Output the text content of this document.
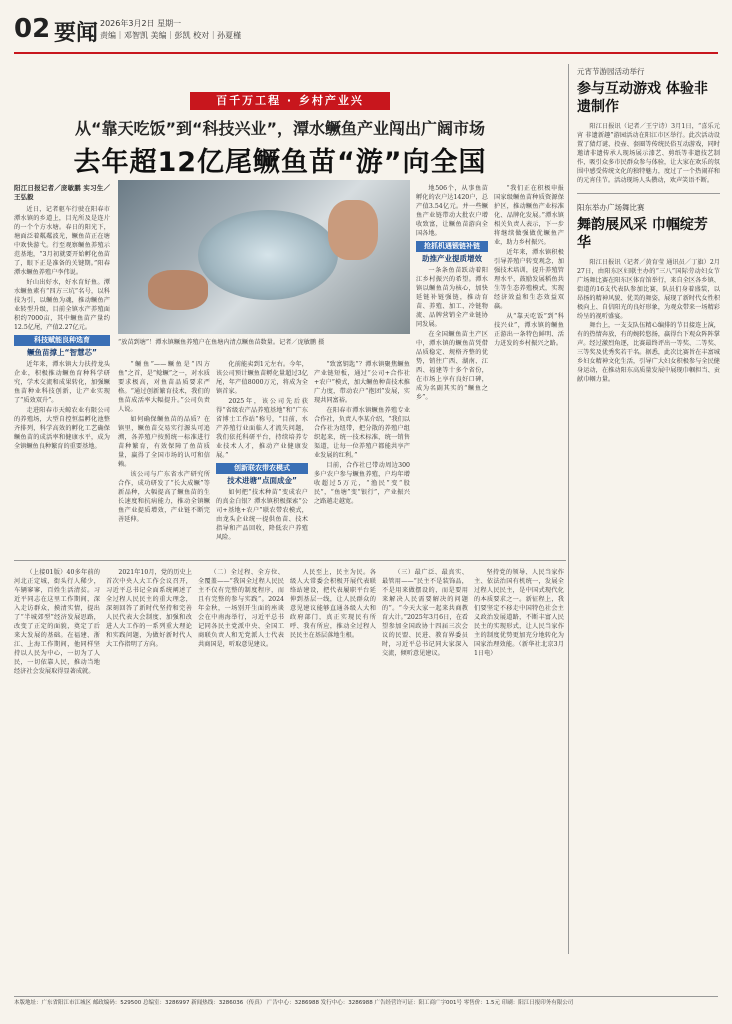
02 要闻 2026年3月2日 星期一
责编｜邓智凯 美编｜彭凯 校对｜孙夏槿
百千万工程 · 乡村产业兴
从“靠天吃饭”到“科技兴业”，潭水鳜鱼产业闯出广阔市场
去年超12亿尾鳜鱼苗“游”向全国
阳江日报记者／庞敏鹏 实习生／王弘毅

近日，记者驱车行驶在阳春市潭水镇的乡道上，目光所及是连片的一个个方水塘。春日的阳光下，塘面泛着粼粼波光，鳜鱼苗正在塘中欢快游弋。行至观察鳜鱼养殖示范基地，“3月初就要开始孵化鱼苗了，眼下正是准备的关键期。”阳春潭水鳜鱼养殖户李伟说。

好山出好水，好水育好鱼。潭水鳜鱼素有“四方三坑”名号，以科技为引，以鳜鱼为魂，推动鳜鱼产业转型升级，目前全镇水产养殖面积约7000亩，其中鳜鱼苗产量约12.5亿尾，产值2.27亿元。

科技赋能良种选育
鳜鱼苗撑上“智慧芯”

近年来，潭水镇大力扶持龙头企业，积极推动鳜鱼育种科学研究，学术交流和成果转化，加强鳜鱼苗种业科技创新，让产业实现了“质效双升”。

走进阳春市天鲸农业有限公司的养殖场，大型自控恒温孵化池整齐排列，科学高效的孵化工艺确保鳜鱼苗的成活率和健康水平，成为全镇鳜鱼良种繁育的重要基地。

“放苗到塘”！潭水镇鳜鱼养殖户在鱼塘内清点鳜鱼苗数量。记者／庞敏鹏 摄

“鳜鱼”——鳜鱼是“四方鱼”之首，是“鲶鳜”之一，对水质要求极高，对鱼苗品质要求严格。“通过创新繁育技术，我们的鱼苗成活率大幅提升。”公司负责人说。

如何确保鳜鱼苗的品质？在镇里，鳜鱼苗交易实行源头可追溯，各养殖户按照统一标准进行苗种繁育，有效保障了鱼苗质量，赢得了全国市场的认可和信赖。

该公司与广东省水产研究所合作，成功研发了“长大成鳜”等新品种，大幅提高了鳜鱼苗的生长速度和抗病能力，推动全镇鳜鱼产业提质增效，产业链不断完善延伸。

化前能卖到1元左右。今年，该公司预计鳜鱼苗孵化量超过3亿尾，年产值8000万元，将成为全镇首家。

2025年，该公司先后获得“省级农产品养殖基地”和“广东省博士工作站”称号，“目前，水产养殖行业面临人才流失问题，我们依托科研平台，持续培养专业技术人才，推动产业健康发展。”

创新联农带农模式
技术进塘“点面成金”

如何把“技术种苗”变成农户的真金白银？潭水镇积极探索“公司+基地+农户”联农带农模式，由龙头企业统一提供鱼苗、技术指导和产品回收，降低农户养殖风险。

“致富钥匙”？潭水镇聚焦鳜鱼产业链短板，通过“公司+合作社+农户”模式，加大鳜鱼种苗技术推广力度，带动农户“抱团”发展，实现共同富裕。

在阳春市潭水镇鳜鱼养殖专业合作社，负责人李某介绍，“我们以合作社为纽带，把分散的养殖户组织起来，统一技术标准，统一销售渠道，让每一位养殖户都能共享产业发展的红利。”

目前，合作社已带动周边300多户农户参与鳜鱼养殖，户均年增收超过5万元，“渔民”变“股民”，“鱼塘”变“银行”，产业振兴之路越走越宽。

地506个，从事鱼苗孵化的农户达1420户，总产值3.54亿元。并一些鳜鱼产业链带动大批农户增收致富，让鳜鱼苗游向全国各地。

抢抓机遇锻链补链
助推产业提质增效

一条条鱼苗跃动着阳江乡村振兴的希望。潭水镇以鳜鱼苗为核心，加快延链补链强链，推动育苗、养殖、加工、冷链物流、品牌营销全产业链协同发展。

在全国鳜鱼苗主产区中，潭水镇的鳜鱼苗凭借品质稳定、规格齐整的优势，销往广西、湖南、江西、福建等十多个省份，在市场上享有良好口碑，成为名副其实的“鳜鱼之乡”。

“我们正在积极申报国家级鳜鱼苗种质资源保护区，推动鳜鱼产业标准化、品牌化发展。”潭水镇相关负责人表示，下一步将继续做强做优鳜鱼产业，助力乡村振兴。

近年来，潭水镇积极引导养殖户转变观念，加强技术培训，提升养殖管理水平，鼓励发展稻鱼共生等生态养殖模式，实现经济效益和生态效益双赢。

从“靠天吃饭”到“科技兴业”，潭水镇的鳜鱼正游出一条特色鲜明、活力迸发的乡村振兴之路。

（上接01版）40多年前的河北正定城，街头行人稀少，车辆寥寥，百姓生活清贫。习近平同志在这里工作期间，深入走访群众，摸清实情，提出了“半城郊型”经济发展思路，改变了正定的面貌，奠定了后来大发展的基础。在福建、浙江、上海工作期间，他同样坚持以人民为中心，一切为了人民，一切依靠人民，推动当地经济社会发展取得显著成就。

2021年10月，党的历史上首次中央人大工作会议召开，习近平总书记全面系统阐述了全过程人民民主的重大理念，深刻回答了新时代坚持和完善人民代表大会制度、加强和改进人大工作的一系列重大理论和实践问题，为做好新时代人大工作指明了方向。

（二）全过程、全方位、全覆盖——“我国全过程人民民主不仅有完整的制度程序，而且有完整的参与实践”。2024年金秋，一场别开生面的座谈会在中南海举行，习近平总书记同各民主党派中央、全国工商联负责人和无党派人士代表共商国是，听取意见建议。

人民至上，民主为民。各级人大常委会积极开展代表联络站建设，把代表履职平台延伸到基层一线，让人民群众的意见建议能够直通各级人大和政府部门，真正实现民有所呼、我有所应，推动全过程人民民主在基层落地生根。

（三）最广泛、最真实、最管用——“民主不是装饰品，不是用来做摆设的，而是要用来解决人民需要解决的问题的”。“今天大家一起来共商教育大计。”2025年3月6日，在看望参加全国政协十四届三次会议的民盟、民进、教育界委员时，习近平总书记同大家深入交流，倾听意见建议。

坚持党的领导、人民当家作主、依法治国有机统一，发展全过程人民民主，是中国式现代化的本质要求之一。新征程上，我们要坚定不移走中国特色社会主义政治发展道路，不断丰富人民民主的实现形式，让人民当家作主的制度优势更加充分地转化为国家治理效能。（新华社北京3月1日电）

元宵节游园活动举行
参与互动游戏 体验非遗制作

阳江日报讯（记者／王宁诗）3月1日，“喜乐元宵 非遗新趣”游园活动在阳江市区举行。此次活动设置了猜灯谜、投壶、套圈等传统民俗互动游戏，同时邀请非遗传承人现场展示漆艺、剪纸等非遗技艺制作，吸引众多市民群众参与体验，让大家在欢乐的氛围中感受传统文化的独特魅力，度过了一个热闹祥和的元宵佳节。活动现场人头攒动，欢声笑语不断。

阳东举办广场舞比赛
舞韵展风采 巾帼绽芳华

阳江日报讯（记者／黄育莹 通讯员／丁旗）2月27日，由阳东区妇联主办的“三八”国际劳动妇女节广场舞比赛在阳东区体育馆举行，来自全区各乡镇、街道的16支代表队参加比赛，队员们身着盛装，以昂扬的精神风貌、优美的舞姿，展现了新时代女性积极向上、自信阳光的良好形象，为观众带来一场精彩纷呈的视听盛宴。

舞台上，一支支队伍精心编排的节目接连上演，有的热情奔放，有的婉转悠扬，赢得台下观众阵阵掌声。经过激烈角逐，比赛最终评出一等奖、二等奖、三等奖及优秀奖若干名。据悉，此次比赛旨在丰富城乡妇女精神文化生活，引导广大妇女积极参与全民健身运动，在推动阳东高质量发展中展现巾帼担当、贡献巾帼力量。

本版地址：广东省阳江市江城区 邮政编码：529500 总编室：3286997 新闻热线：3286036（传真） 广告中心：3286988 发行中心：3286988 广告经营许可证：阳工商广字001号 零售价：1.5元 印刷：阳江日报印务有限公司
